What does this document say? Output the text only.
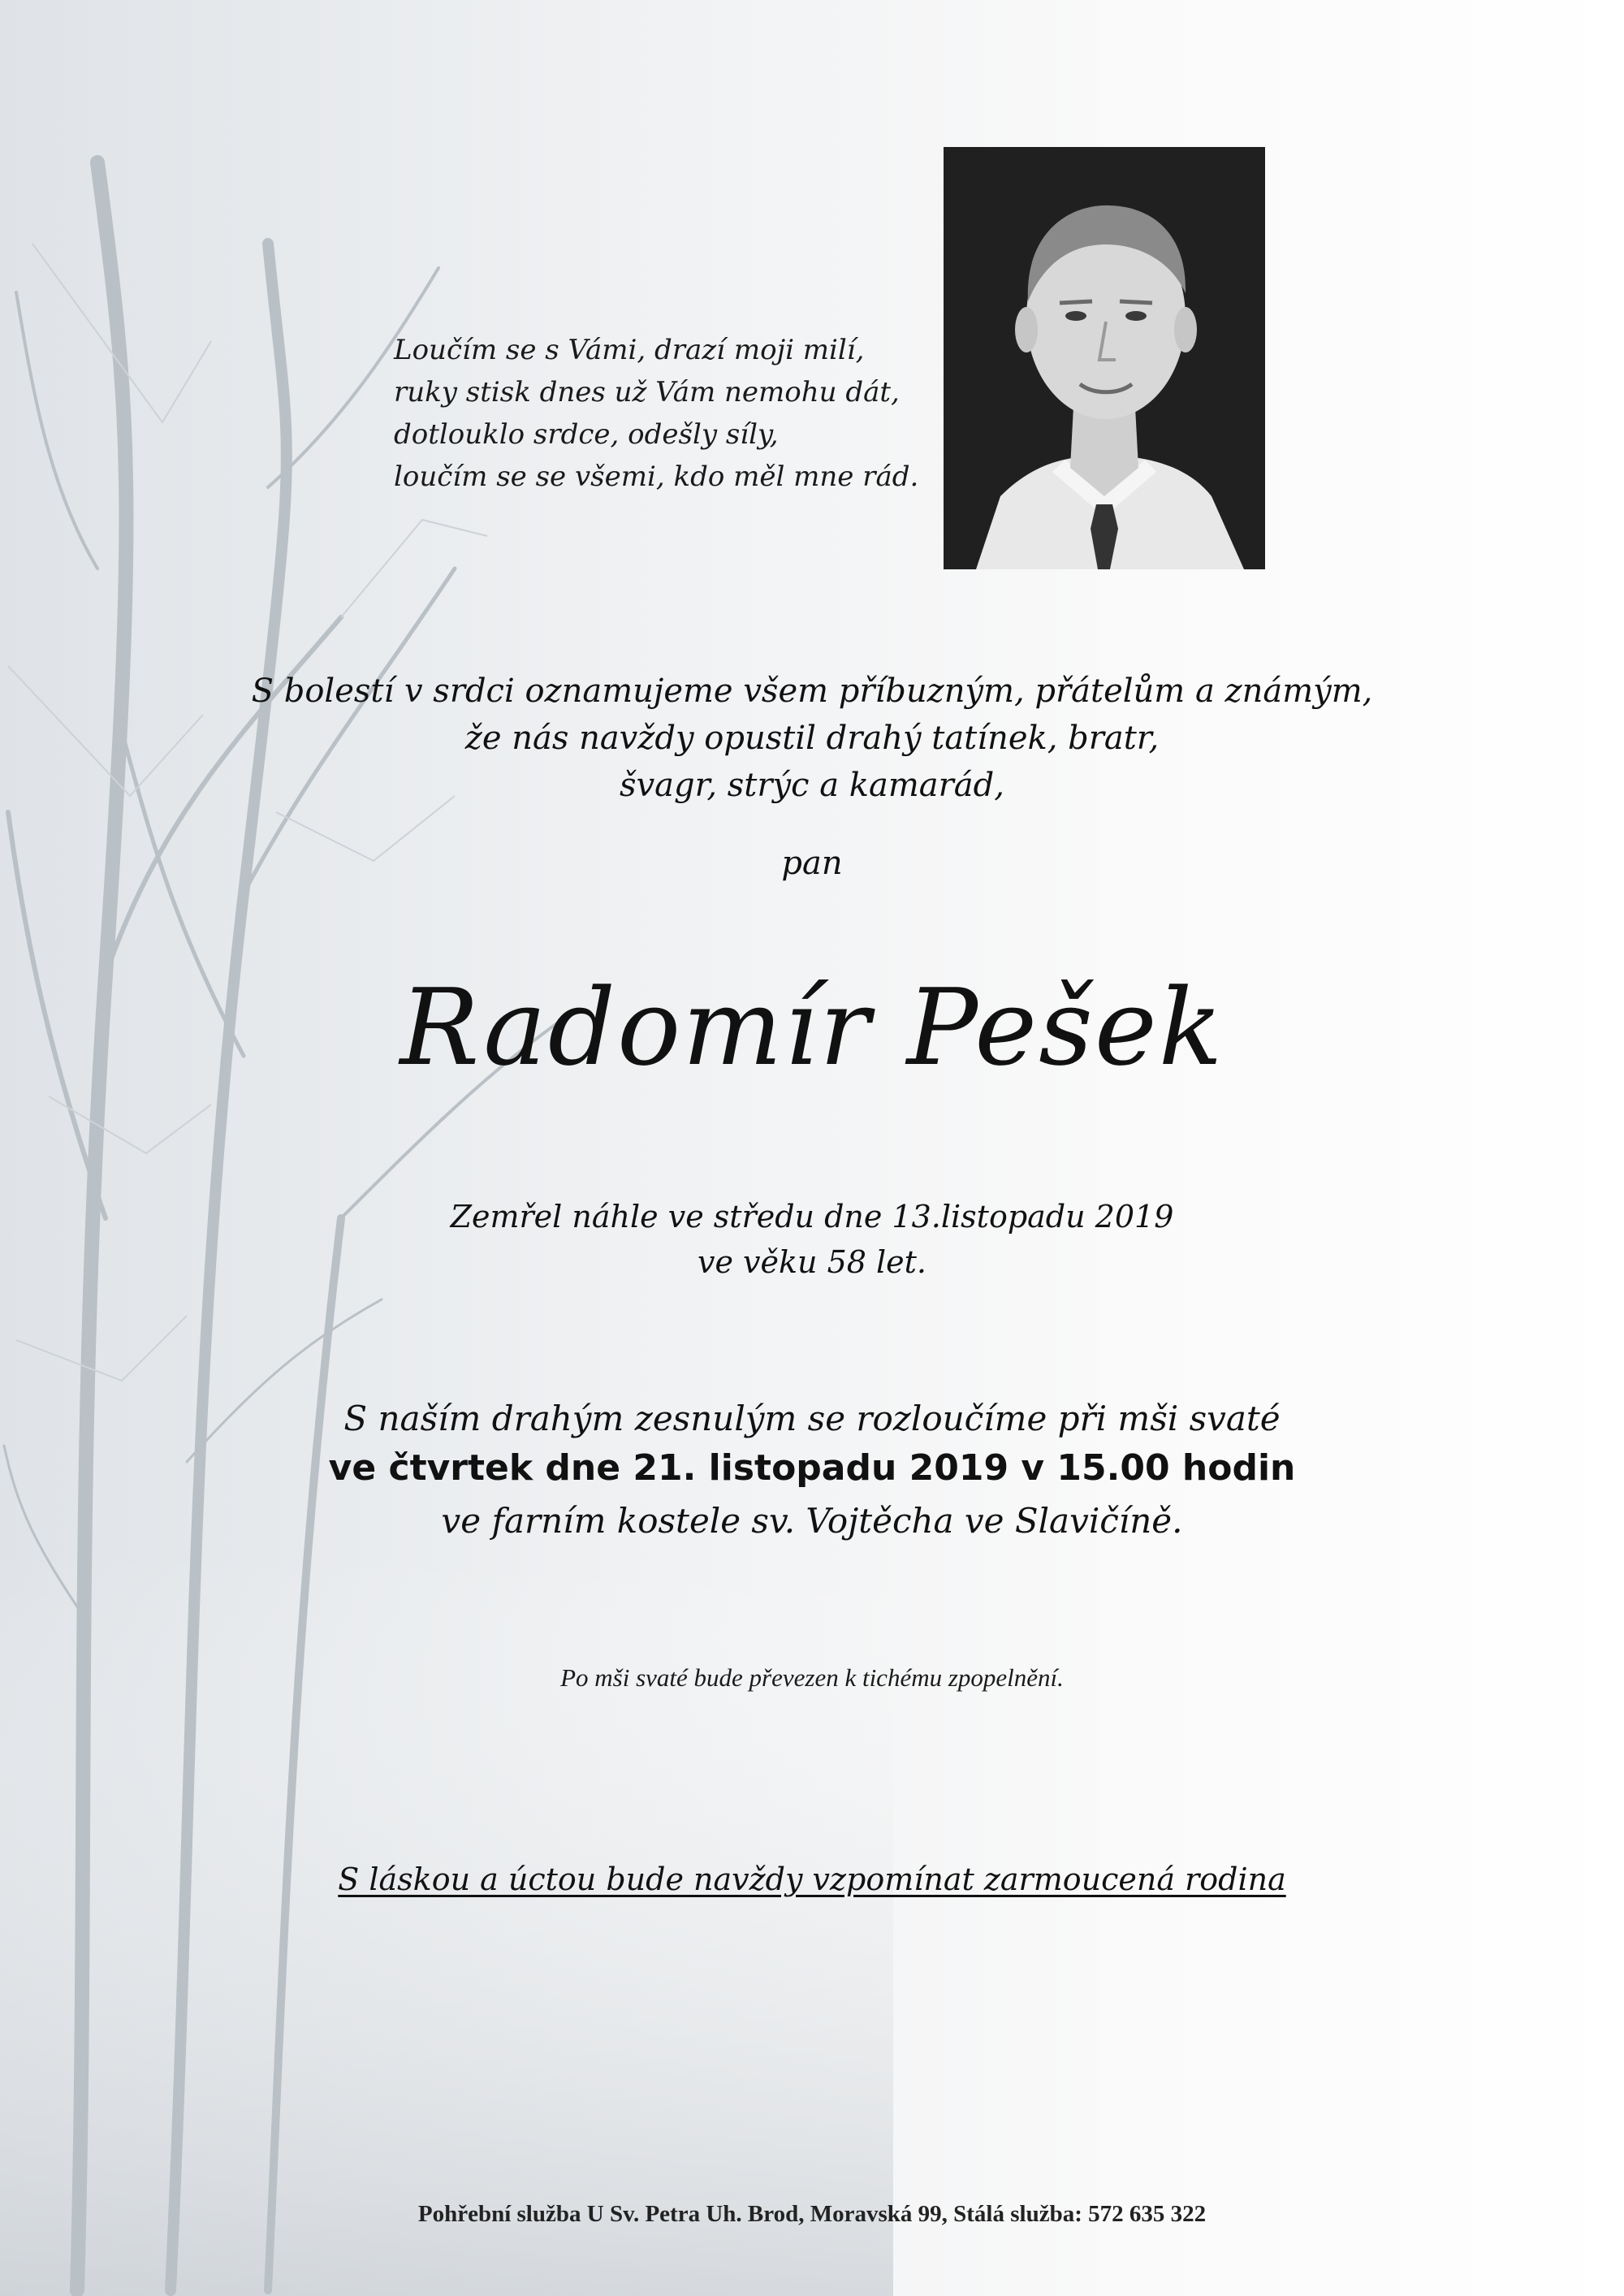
Loučím se s Vámi, drazí moji milí,
ruky stisk dnes už Vám nemohu dát,
dotlouklo srdce, odešly síly,
loučím se se všemi, kdo měl mne rád.
S bolestí v srdci oznamujeme všem příbuzným, přátelům a známým,
že nás navždy opustil drahý tatínek, bratr,
švagr, strýc a kamarád,
pan
Radomír Pešek
Zemřel náhle ve středu dne 13.listopadu 2019
ve věku 58 let.
S naším drahým zesnulým se rozloučíme při mši svaté
ve čtvrtek dne 21. listopadu 2019 v 15.00 hodin
ve farním kostele sv. Vojtěcha ve Slavičíně.
Po mši svaté bude převezen k tichému zpopelnění.
S láskou a úctou bude navždy vzpomínat zarmoucená rodina
Pohřební služba U Sv. Petra Uh. Brod, Moravská 99, Stálá služba: 572 635 322
